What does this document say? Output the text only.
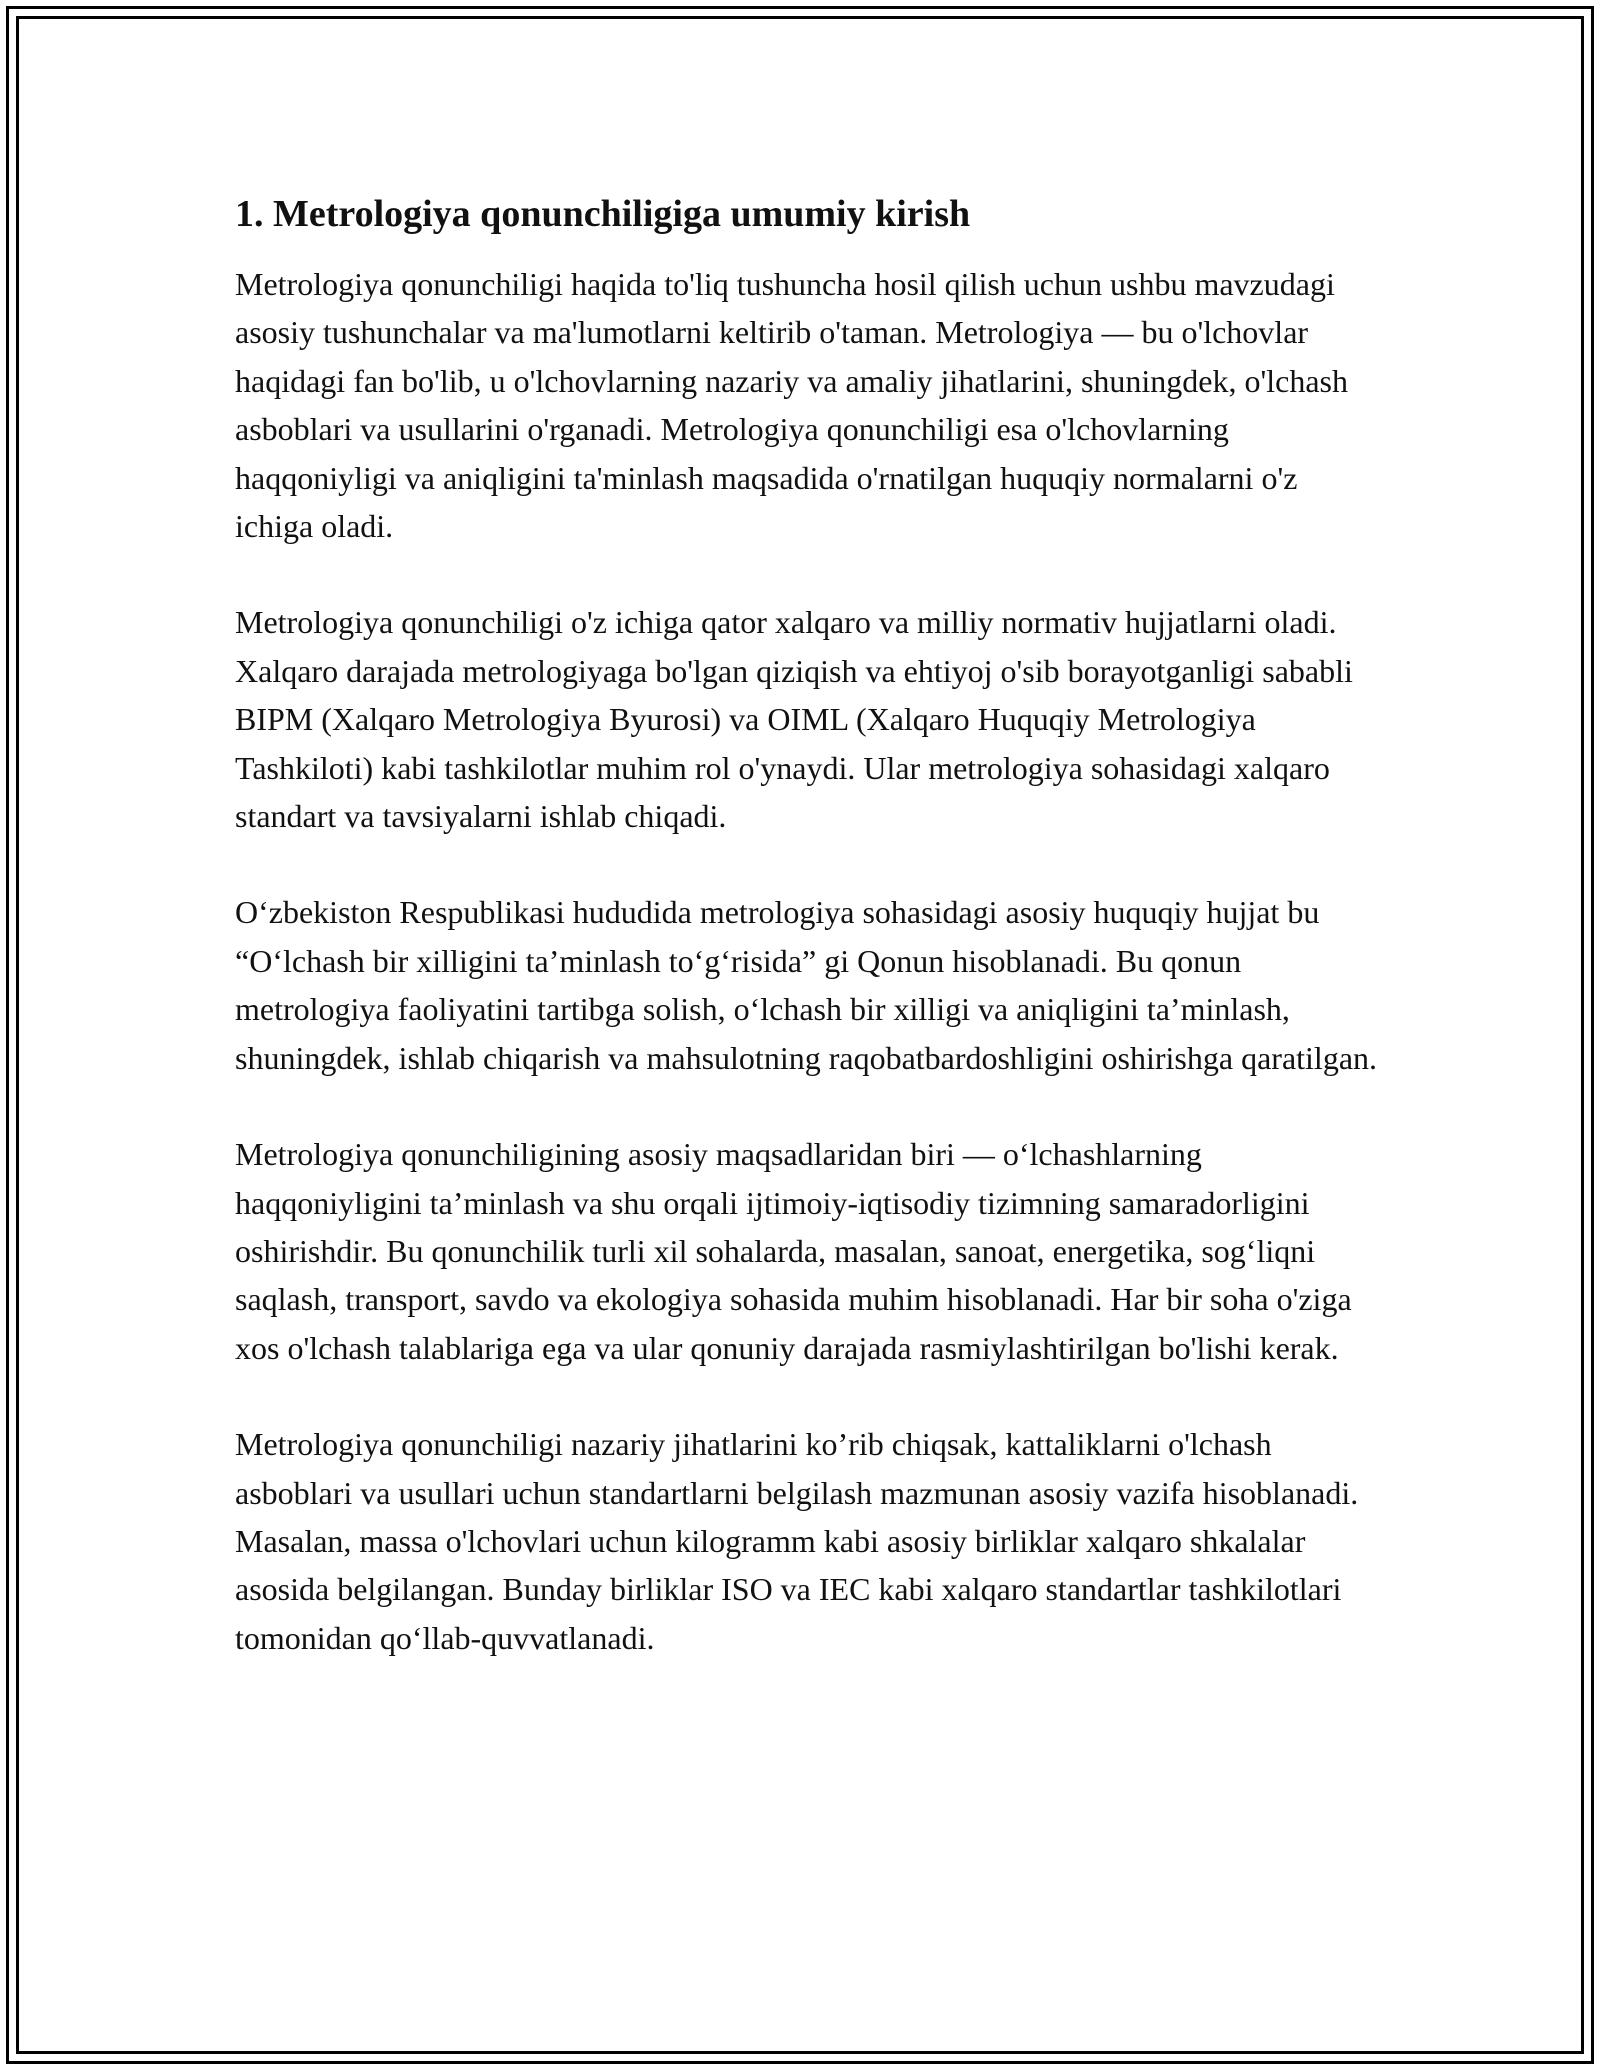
1. Metrologiya qonunchiligiga umumiy kirish

Metrologiya qonunchiligi haqida to'liq tushuncha hosil qilish uchun ushbu mavzudagi asosiy tushunchalar va ma'lumotlarni keltirib o'taman. Metrologiya — bu o'lchovlar haqidagi fan bo'lib, u o'lchovlarning nazariy va amaliy jihatlarini, shuningdek, o'lchash asboblari va usullarini o'rganadi. Metrologiya qonunchiligi esa o'lchovlarning haqqoniyligi va aniqligini ta'minlash maqsadida o'rnatilgan huquqiy normalarni o'z ichiga oladi.

Metrologiya qonunchiligi o'z ichiga qator xalqaro va milliy normativ hujjatlarni oladi. Xalqaro darajada metrologiyaga bo'lgan qiziqish va ehtiyoj o'sib borayotganligi sababli BIPM (Xalqaro Metrologiya Byurosi) va OIML (Xalqaro Huquqiy Metrologiya Tashkiloti) kabi tashkilotlar muhim rol o'ynaydi. Ular metrologiya sohasidagi xalqaro standart va tavsiyalarni ishlab chiqadi.

O‘zbekiston Respublikasi hududida metrologiya sohasidagi asosiy huquqiy hujjat bu “O‘lchash bir xilligini ta’minlash to‘g‘risida” gi Qonun hisoblanadi. Bu qonun metrologiya faoliyatini tartibga solish, o‘lchash bir xilligi va aniqligini ta’minlash, shuningdek, ishlab chiqarish va mahsulotning raqobatbardoshligini oshirishga qaratilgan.

Metrologiya qonunchiligining asosiy maqsadlaridan biri — o‘lchashlarning haqqoniyligini ta’minlash va shu orqali ijtimoiy-iqtisodiy tizimning samaradorligini oshirishdir. Bu qonunchilik turli xil sohalarda, masalan, sanoat, energetika, sog‘liqni saqlash, transport, savdo va ekologiya sohasida muhim hisoblanadi. Har bir soha o'ziga xos o'lchash talablariga ega va ular qonuniy darajada rasmiylashtirilgan bo'lishi kerak.

Metrologiya qonunchiligi nazariy jihatlarini ko’rib chiqsak, kattaliklarni o'lchash asboblari va usullari uchun standartlarni belgilash mazmunan asosiy vazifa hisoblanadi. Masalan, massa o'lchovlari uchun kilogramm kabi asosiy birliklar xalqaro shkalalar asosida belgilangan. Bunday birliklar ISO va IEC kabi xalqaro standartlar tashkilotlari tomonidan qo‘llab-quvvatlanadi.
